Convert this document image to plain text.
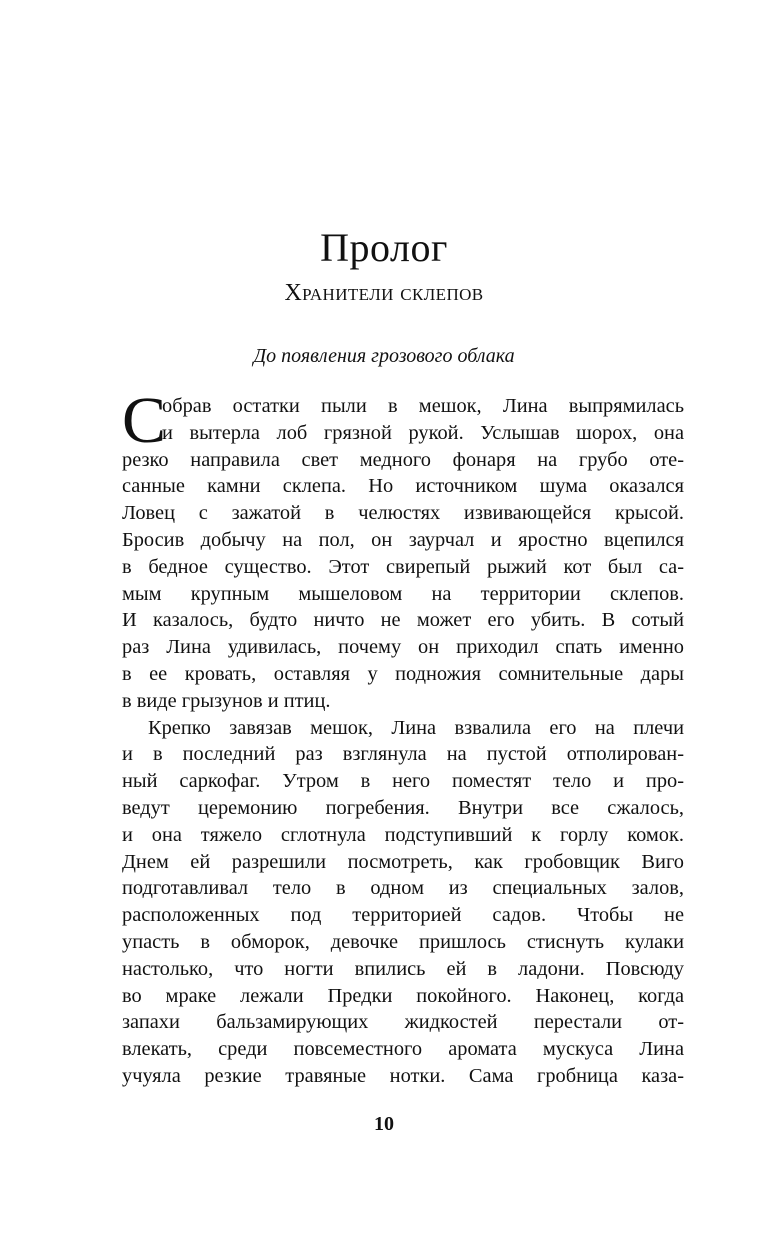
Пролог
Хранители склепов
До появления грозового облака
С
обрав остатки пыли в мешок, Лина выпрямилась
и вытерла лоб грязной рукой. Услышав шорох, она
резко направила свет медного фонаря на грубо оте-
санные камни склепа. Но источником шума оказался
Ловец с зажатой в челюстях извивающейся крысой.
Бросив добычу на пол, он заурчал и яростно вцепился
в бедное существо. Этот свирепый рыжий кот был са-
мым крупным мышеловом на территории склепов.
И казалось, будто ничто не может его убить. В сотый
раз Лина удивилась, почему он приходил спать именно
в ее кровать, оставляя у подножия сомнительные дары
в виде грызунов и птиц.
Крепко завязав мешок, Лина взвалила его на плечи
и в последний раз взглянула на пустой отполирован-
ный саркофаг. Утром в него поместят тело и про-
ведут церемонию погребения. Внутри все сжалось,
и она тяжело сглотнула подступивший к горлу комок.
Днем ей разрешили посмотреть, как гробовщик Виго
подготавливал тело в одном из специальных залов,
расположенных под территорией садов. Чтобы не
упасть в обморок, девочке пришлось стиснуть кулаки
настолько, что ногти впились ей в ладони. Повсюду
во мраке лежали Предки покойного. Наконец, когда
запахи бальзамирующих жидкостей перестали от-
влекать, среди повсеместного аромата мускуса Лина
учуяла резкие травяные нотки. Сама гробница каза-
10
